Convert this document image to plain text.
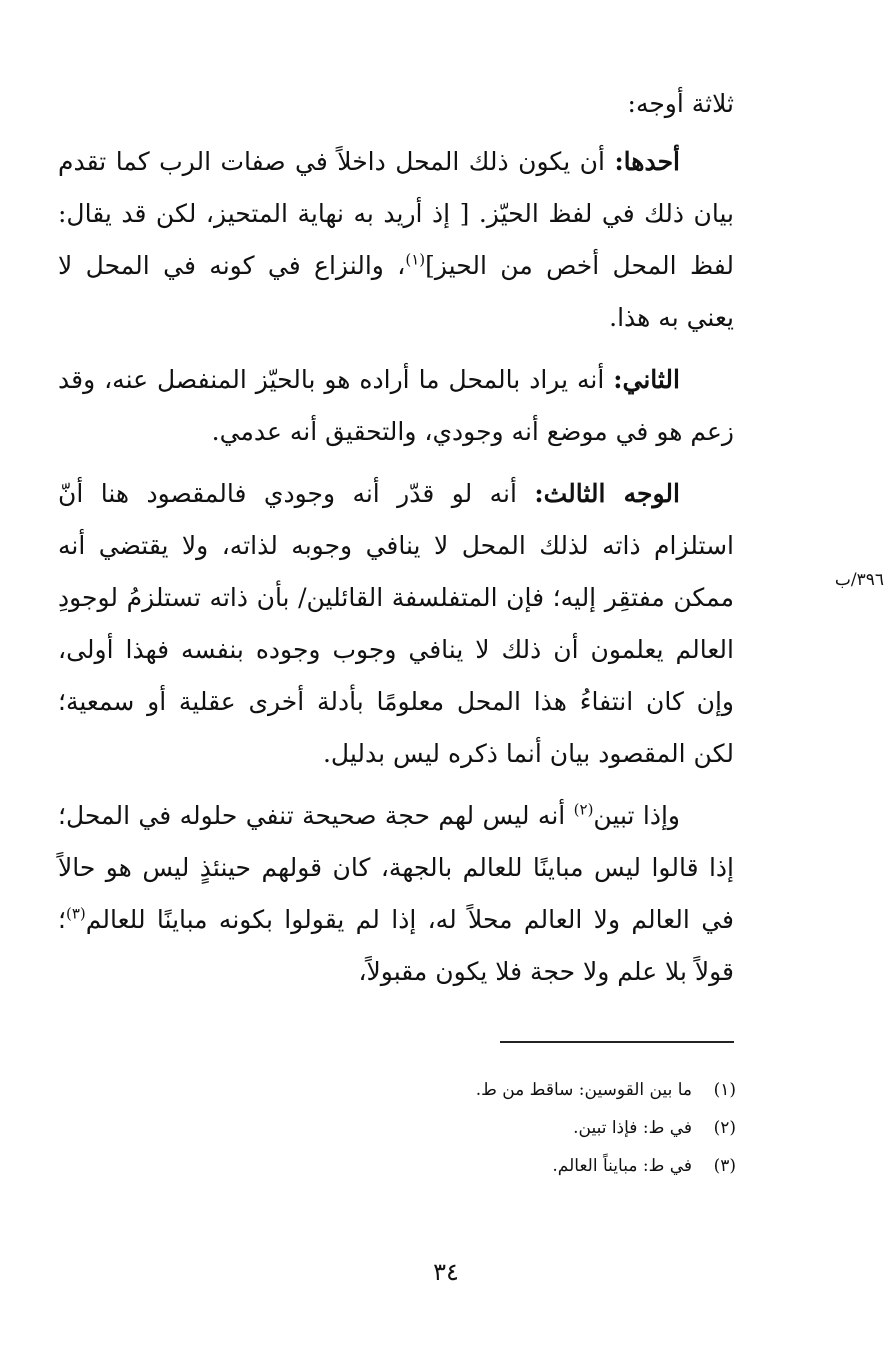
ثلاثة أوجه:

أحدها: أن يكون ذلك المحل داخلاً في صفات الرب كما تقدم بيان ذلك في لفظ الحيّز. [ إذ أريد به نهاية المتحيز، لكن قد يقال: لفظ المحل أخص من الحيز]$^{(١)}$، والنزاع في كونه في المحل لا يعني به هذا.

الثاني: أنه يراد بالمحل ما أراده هو بالحيّز المنفصل عنه، وقد زعم هو في موضع أنه وجودي، والتحقيق أنه عدمي.

الوجه الثالث: أنه لو قدّر أنه وجودي فالمقصود هنا أنّ استلزام ذاته لذلك المحل لا ينافي وجوبه لذاته، ولا يقتضي أنه ممكن مفتقِر إليه؛ فإن المتفلسفة القائلين/ بأن ذاته تستلزمُ لوجودِ العالم يعلمون أن ذلك لا ينافي وجوب وجوده بنفسه فهذا أولى، وإن كان انتفاءُ هذا المحل معلومًا بأدلة أخرى عقلية أو سمعية؛ لكن المقصود بيان أنما ذكره ليس بدليل.

وإذا تبين$^{(٢)}$ أنه ليس لهم حجة صحيحة تنفي حلوله في المحل؛ إذا قالوا ليس مباينًا للعالم بالجهة، كان قولهم حينئذٍ ليس هو حالاً في العالم ولا العالم محلاً له، إذا لم يقولوا بكونه مباينًا للعالم$^{(٣)}$؛ قولاً بلا علم ولا حجة فلا يكون مقبولاً،

٣٩٦/ب
(١)ما بين القوسين: ساقط من ط.
(٢)في ط: فإذا تبين.
(٣)في ط: مبايناً العالم.
٣٤
